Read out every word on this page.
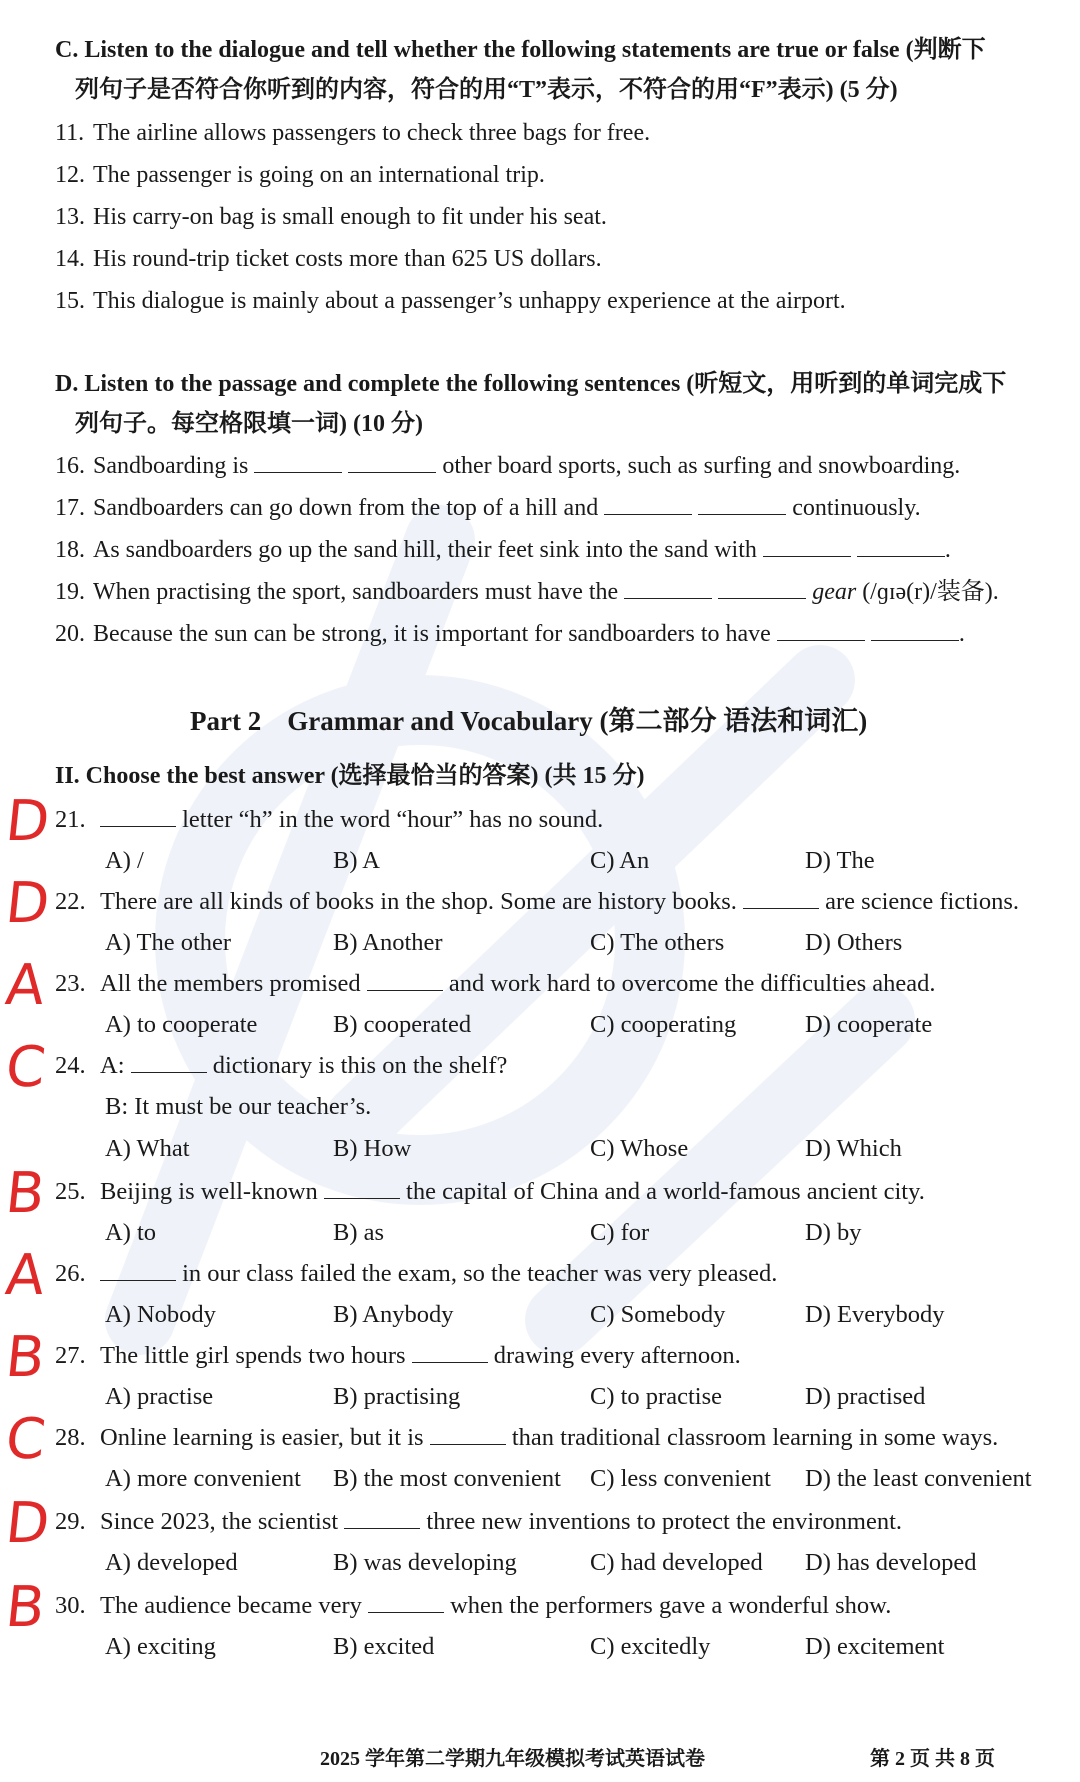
C. Listen to the dialogue and tell whether the following statements are true or false (判断下
列句子是否符合你听到的内容，符合的用“T”表示，不符合的用“F”表示) (5 分)
11. The airline allows passengers to check three bags for free.
12. The passenger is going on an international trip.
13. His carry-on bag is small enough to fit under his seat.
14. His round-trip ticket costs more than 625 US dollars.
15. This dialogue is mainly about a passenger’s unhappy experience at the airport.
D. Listen to the passage and complete the following sentences (听短文，用听到的单词完成下
列句子。每空格限填一词) (10 分)
16. Sandboarding is	other board sports, such as surfing and snowboarding.
17. Sandboarders can go down from the top of a hill and	continuously.
18. As sandboarders go up the sand hill, their feet sink into the sand with	.
19. When practising the sport, sandboarders must have the	gear (/ɡɪə(r)/装备).
20. Because the sun can be strong, it is important for sandboarders to have	.
Part 2 Grammar and Vocabulary (第二部分 语法和词汇)
II. Choose the best answer (选择最恰当的答案) (共 15 分)
D 21.	letter “h” in the word “hour” has no sound.
A) /	B) A	C) An	D) The
D 22. There are all kinds of books in the shop. Some are history books.	are science fictions.
A) The other	B) Another	C) The others	D) Others
A 23. All the members promised	and work hard to overcome the difficulties ahead.
A) to cooperate	B) cooperated	C) cooperating	D) cooperate
C 24. A:	dictionary is this on the shelf?
B: It must be our teacher’s.
A) What	B) How	C) Whose	D) Which
B 25. Beijing is well-known	the capital of China and a world-famous ancient city.
A) to	B) as	C) for	D) by
A 26.	in our class failed the exam, so the teacher was very pleased.
A) Nobody	B) Anybody	C) Somebody	D) Everybody
B 27. The little girl spends two hours	drawing every afternoon.
A) practise	B) practising	C) to practise	D) practised
C 28. Online learning is easier, but it is	than traditional classroom learning in some ways.
A) more convenient B) the most convenient C) less convenient D) the least convenient
D 29. Since 2023, the scientist	three new inventions to protect the environment.
A) developed	B) was developing	C) had developed D) has developed
B 30. The audience became very	when the performers gave a wonderful show.
A) exciting	B) excited	C) excitedly	D) excitement
2025 学年第二学期九年级模拟考试英语试卷	第 2 页 共 8 页
